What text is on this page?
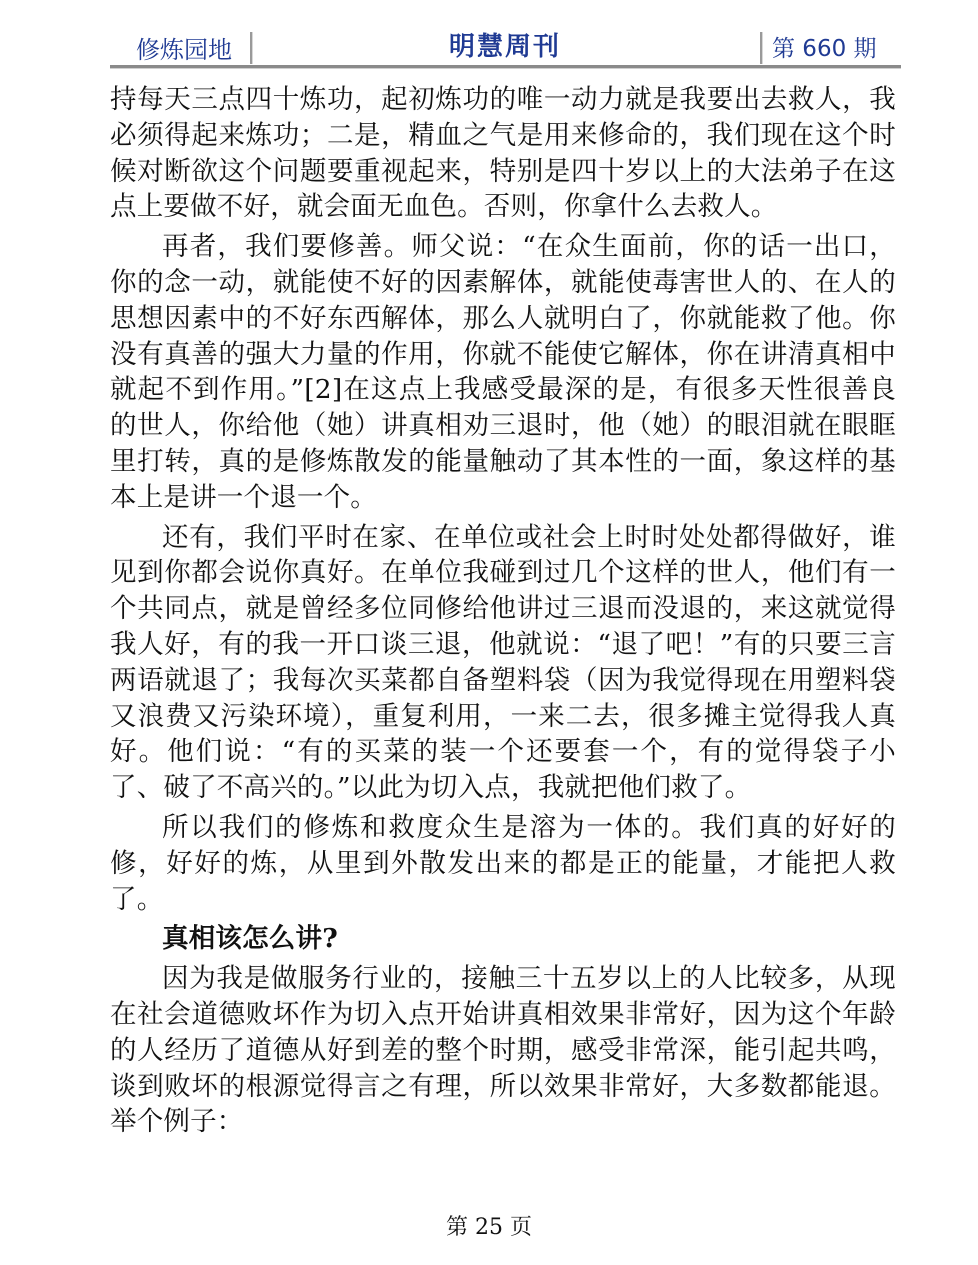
修炼园地	明慧周刊	第 660 期

持每天三点四十炼功，起初炼功的唯一动力就是我要出去救人，我必须得起来炼功；二是，精血之气是用来修命的，我们现在这个时候对断欲这个问题要重视起来，特别是四十岁以上的大法弟子在这点上要做不好，就会面无血色。否则，你拿什么去救人。

再者，我们要修善。师父说：“在众生面前，你的话一出口，你的念一动，就能使不好的因素解体，就能使毒害世人的、在人的思想因素中的不好东西解体，那么人就明白了，你就能救了他。你没有真善的强大力量的作用，你就不能使它解体，你在讲清真相中就起不到作用。”[2]在这点上我感受最深的是，有很多天性很善良的世人，你给他（她）讲真相劝三退时，他（她）的眼泪就在眼眶里打转，真的是修炼散发的能量触动了其本性的一面，象这样的基本上是讲一个退一个。

还有，我们平时在家、在单位或社会上时时处处都得做好，谁见到你都会说你真好。在单位我碰到过几个这样的世人，他们有一个共同点，就是曾经多位同修给他讲过三退而没退的，来这就觉得我人好，有的我一开口谈三退，他就说：“退了吧！”有的只要三言两语就退了；我每次买菜都自备塑料袋（因为我觉得现在用塑料袋又浪费又污染环境），重复利用，一来二去，很多摊主觉得我人真好。他们说：“有的买菜的装一个还要套一个，有的觉得袋子小了、破了不高兴的。”以此为切入点，我就把他们救了。

所以我们的修炼和救度众生是溶为一体的。我们真的好好的修，好好的炼，从里到外散发出来的都是正的能量，才能把人救了。

真相该怎么讲?

因为我是做服务行业的，接触三十五岁以上的人比较多，从现在社会道德败坏作为切入点开始讲真相效果非常好，因为这个年龄的人经历了道德从好到差的整个时期，感受非常深，能引起共鸣，谈到败坏的根源觉得言之有理，所以效果非常好，大多数都能退。举个例子：

第 25 页
